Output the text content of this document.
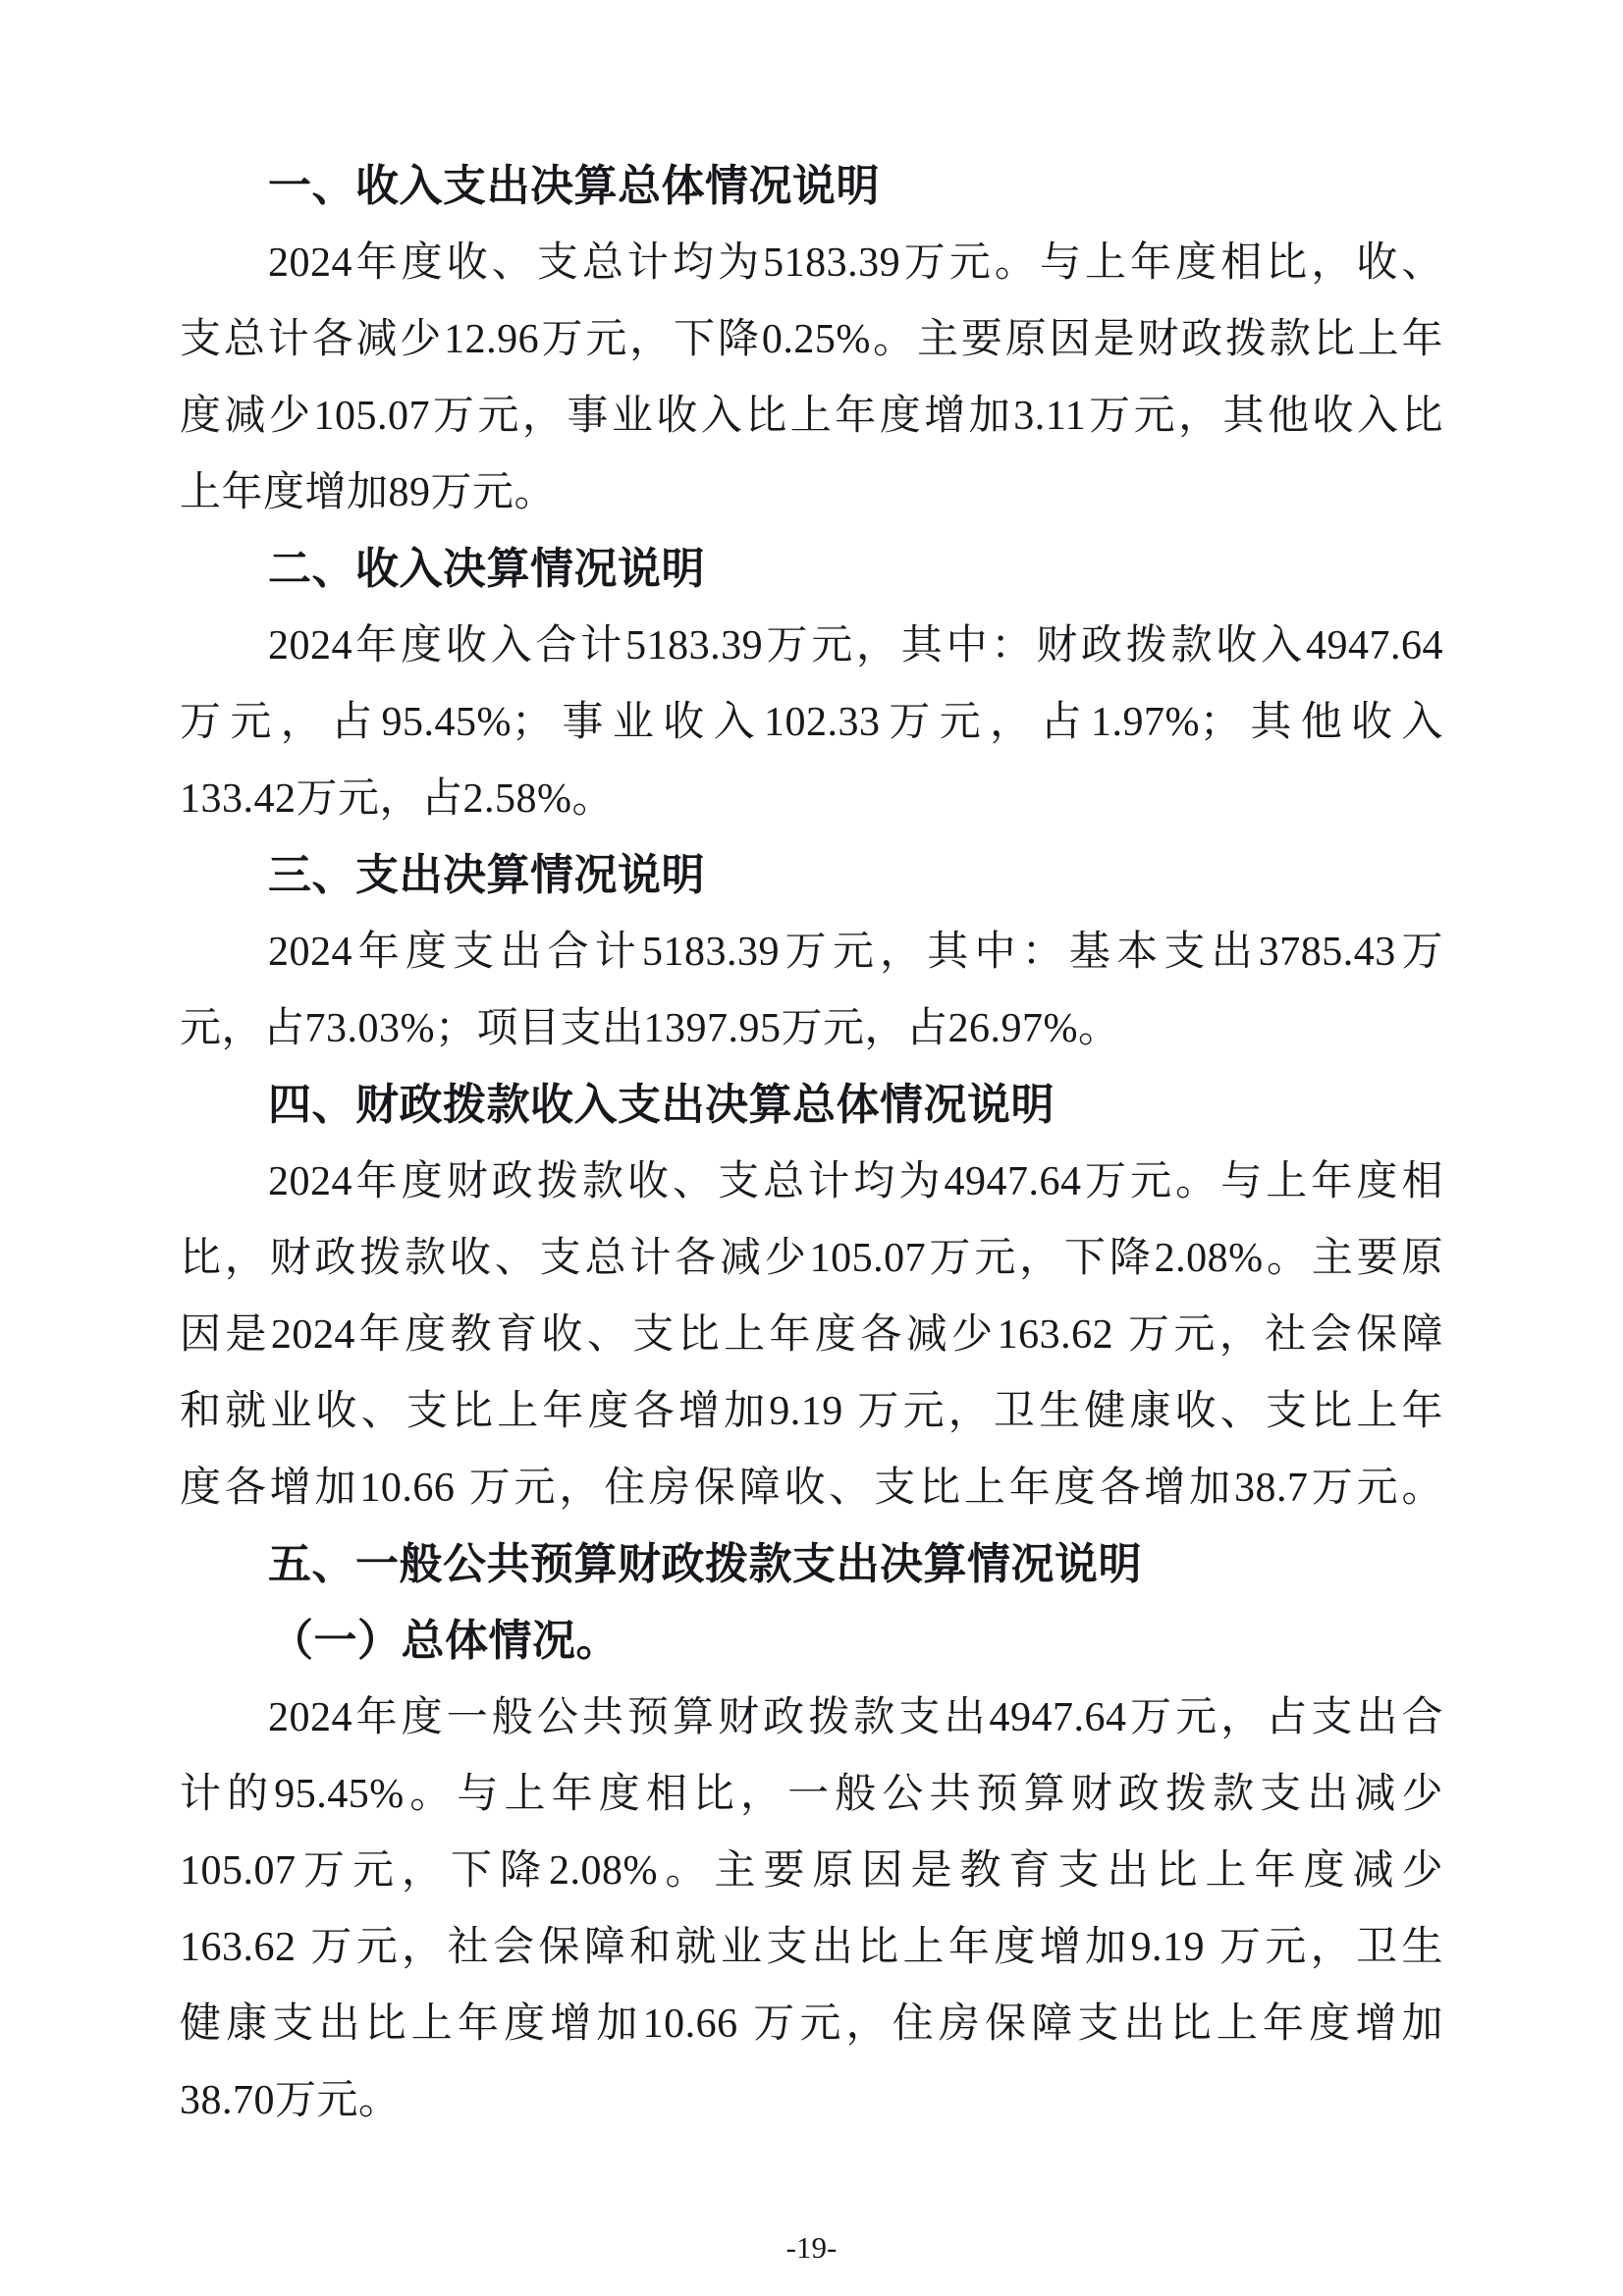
一、收入支出决算总体情况说明
2024年度收、支总计均为5183.39万元。与上年度相比，收、
支总计各减少12.96万元，下降0.25%。主要原因是财政拨款比上年
度减少105.07万元，事业收入比上年度增加3.11万元，其他收入比
上年度增加89万元。
二、收入决算情况说明
2024年度收入合计5183.39万元，其中：财政拨款收入4947.64
万元，占95.45%；事业收入102.33万元，占1.97%；其他收入
133.42万元，占2.58%。
三、支出决算情况说明
2024年度支出合计5183.39万元，其中：基本支出3785.43万
元，占73.03%；项目支出1397.95万元，占26.97%。
四、财政拨款收入支出决算总体情况说明
2024年度财政拨款收、支总计均为4947.64万元。与上年度相
比，财政拨款收、支总计各减少105.07万元，下降2.08%。主要原
因是2024年度教育收、支比上年度各减少163.62 万元，社会保障
和就业收、支比上年度各增加9.19 万元，卫生健康收、支比上年
度各增加10.66 万元，住房保障收、支比上年度各增加38.7万元。
五、一般公共预算财政拨款支出决算情况说明
（一）总体情况。
2024年度一般公共预算财政拨款支出4947.64万元，占支出合
计的95.45%。与上年度相比，一般公共预算财政拨款支出减少
105.07万元，下降2.08%。主要原因是教育支出比上年度减少
163.62 万元，社会保障和就业支出比上年度增加9.19 万元，卫生
健康支出比上年度增加10.66 万元，住房保障支出比上年度增加
38.70万元。
-19-
